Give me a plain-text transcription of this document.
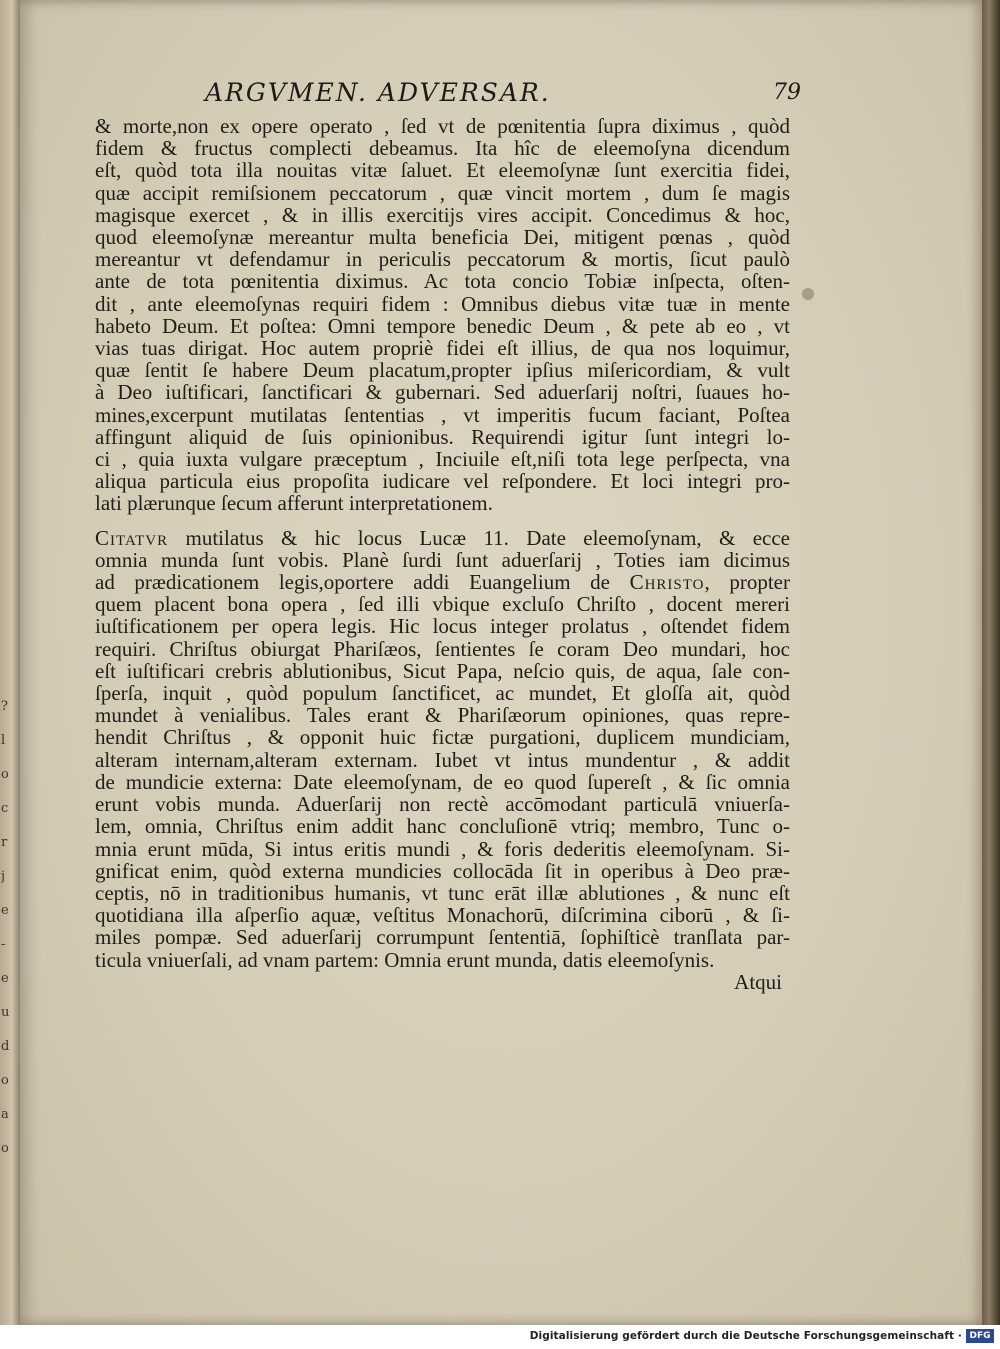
?
l
o
c
r
j
e
-
e
u
d
o
a
o
ARGVMEN. ADVERSAR.	79
& morte,non ex opere operato , ſed vt de pœnitentia ſupra diximus , quòd
fidem & fructus complecti debeamus. Ita hîc de eleemoſyna dicendum
eſt, quòd tota illa nouitas vitæ ſaluet. Et eleemoſynæ ſunt exercitia fidei,
quæ accipit remiſsionem peccatorum , quæ vincit mortem , dum ſe magis
magisque exercet , & in illis exercitijs vires accipit. Concedimus & hoc,
quod eleemoſynæ mereantur multa beneficia Dei, mitigent pœnas , quòd
mereantur vt defendamur in periculis peccatorum & mortis, ſicut paulò
ante de tota pœnitentia diximus. Ac tota concio Tobiæ inſpecta, oſten-
dit , ante eleemoſynas requiri fidem : Omnibus diebus vitæ tuæ in mente
habeto Deum. Et poſtea: Omni tempore benedic Deum , & pete ab eo , vt
vias tuas dirigat. Hoc autem propriè fidei eſt illius, de qua nos loquimur,
quæ ſentit ſe habere Deum placatum,propter ipſius miſericordiam, & vult
à Deo iuſtificari, ſanctificari & gubernari. Sed aduerſarij noſtri, ſuaues ho-
mines,excerpunt mutilatas ſententias , vt imperitis fucum faciant, Poſtea
affingunt aliquid de ſuis opinionibus. Requirendi igitur ſunt integri lo-
ci , quia iuxta vulgare præceptum , Inciuile eſt,niſi tota lege perſpecta, vna
aliqua particula eius propoſita iudicare vel reſpondere. Et loci integri pro-
lati plærunque ſecum afferunt interpretationem.
Citatvr mutilatus & hic locus Lucæ 11. Date eleemoſynam, & ecce
omnia munda ſunt vobis. Planè ſurdi ſunt aduerſarij , Toties iam dicimus
ad prædicationem legis,oportere addi Euangelium de Christo, propter
quem placent bona opera , ſed illi vbique excluſo Chriſto , docent mereri
iuſtificationem per opera legis. Hic locus integer prolatus , oſtendet fidem
requiri. Chriſtus obiurgat Phariſæos, ſentientes ſe coram Deo mundari, hoc
eſt iuſtificari crebris ablutionibus, Sicut Papa, neſcio quis, de aqua, ſale con-
ſperſa, inquit , quòd populum ſanctificet, ac mundet, Et gloſſa ait, quòd
mundet à venialibus. Tales erant & Phariſæorum opiniones, quas repre-
hendit Chriſtus , & opponit huic fictæ purgationi, duplicem mundiciam,
alteram internam,alteram externam. Iubet vt intus mundentur , & addit
de mundicie externa: Date eleemoſynam, de eo quod ſupereſt , & ſic omnia
erunt vobis munda. Aduerſarij non rectè accōmodant particulā vniuerſa-
lem, omnia, Chriſtus enim addit hanc concluſionē vtriq; membro, Tunc o-
mnia erunt mūda, Si intus eritis mundi , & foris dederitis eleemoſynam. Si-
gnificat enim, quòd externa mundicies collocāda ſit in operibus à Deo præ-
ceptis, nō in traditionibus humanis, vt tunc erāt illæ ablutiones , & nunc eſt
quotidiana illa aſperſio aquæ, veſtitus Monachorū, diſcrimina ciborū , & ſi-
miles pompæ. Sed aduerſarij corrumpunt ſententiā, ſophiſticè tranſlata par-
ticula vniuerſali, ad vnam partem: Omnia erunt munda, datis eleemoſynis.
Atqui
Digitalisierung gefördert durch die Deutsche Forschungsgemeinschaft · DFG
